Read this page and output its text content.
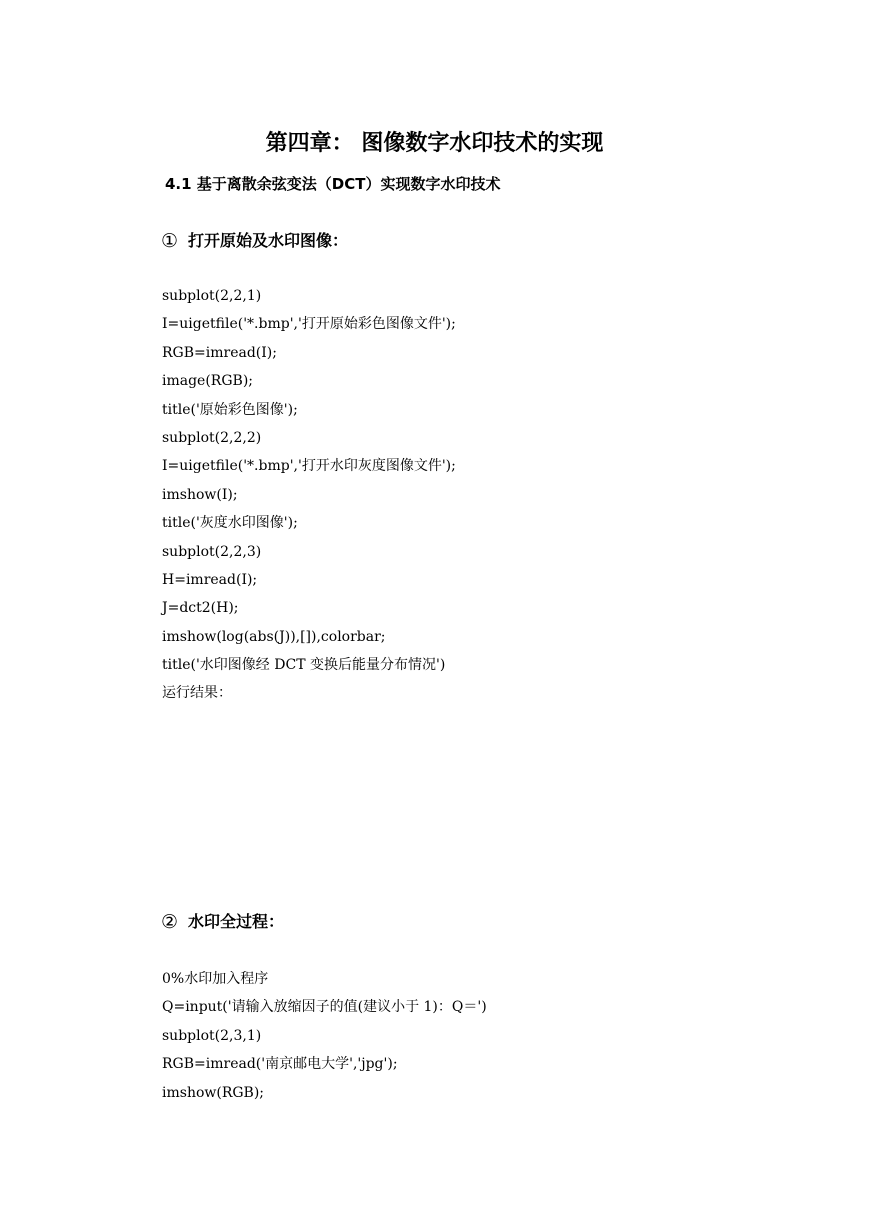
第四章： 图像数字水印技术的实现
4.1 基于离散余弦变法（DCT）实现数字水印技术
① 打开原始及水印图像：
subplot(2,2,1)
I=uigetfile('*.bmp','打开原始彩色图像文件');
RGB=imread(I);
image(RGB);
title('原始彩色图像');
subplot(2,2,2)
I=uigetfile('*.bmp','打开水印灰度图像文件');
imshow(I);
title('灰度水印图像');
subplot(2,2,3)
H=imread(I);
J=dct2(H);
imshow(log(abs(J)),[]),colorbar;
title('水印图像经 DCT 变换后能量分布情况')
运行结果：
② 水印全过程：
0%水印加入程序
Q=input('请输入放缩因子的值(建议小于 1)：Q＝')
subplot(2,3,1)
RGB=imread('南京邮电大学','jpg');
imshow(RGB);
